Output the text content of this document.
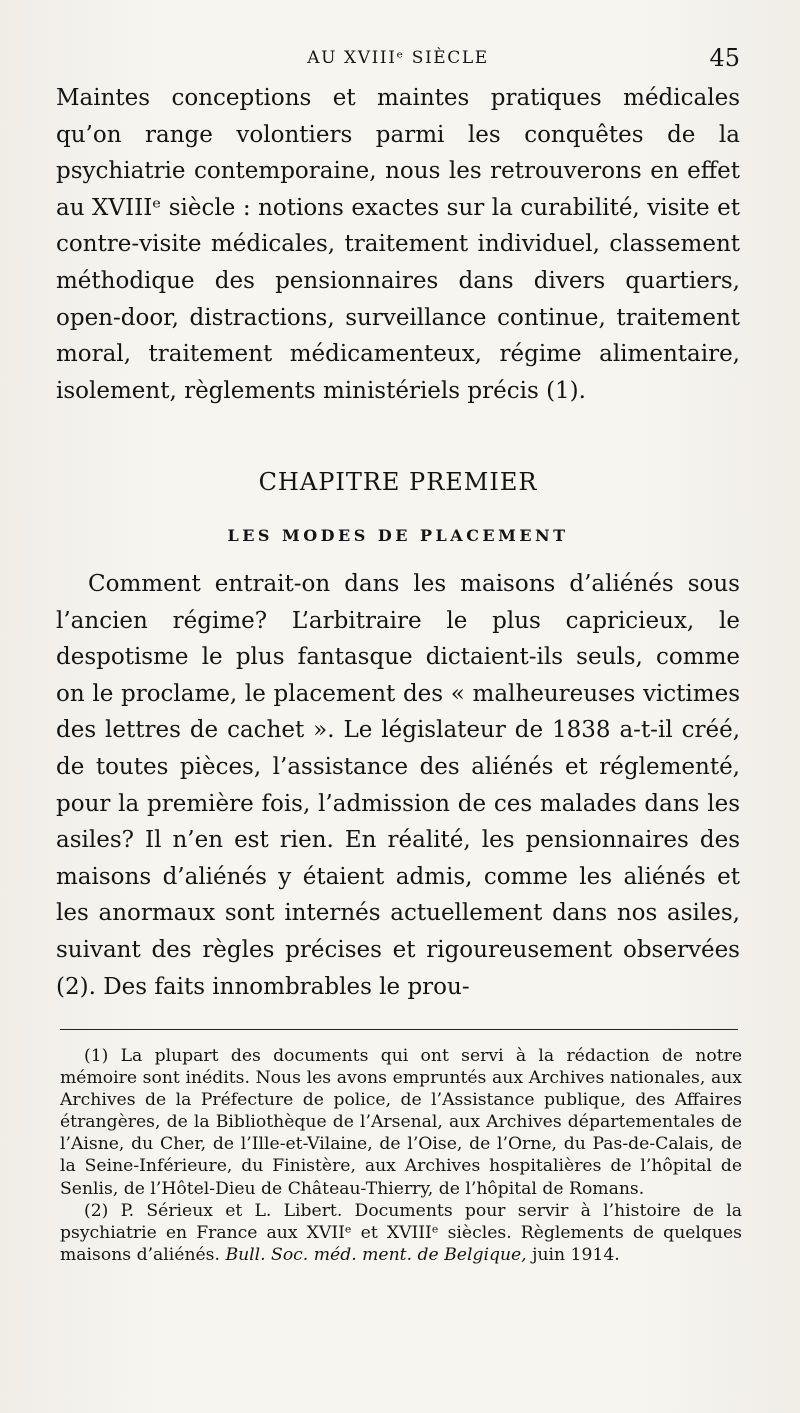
AU XVIIIᵉ SIÈCLE	45

Maintes conceptions et maintes pratiques médicales qu’on range volontiers parmi les conquêtes de la psychiatrie contemporaine, nous les retrouverons en effet au XVIIIᵉ siècle : notions exactes sur la curabilité, visite et contre-visite médicales, traitement individuel, classement méthodique des pensionnaires dans divers quartiers, open-door, distractions, surveillance continue, traitement moral, traitement médicamenteux, régime alimentaire, isolement, règlements ministériels précis (1).

CHAPITRE PREMIER
LES MODES DE PLACEMENT

Comment entrait-on dans les maisons d’aliénés sous l’ancien régime? L’arbitraire le plus capricieux, le despotisme le plus fantasque dictaient-ils seuls, comme on le proclame, le placement des « malheureuses victimes des lettres de cachet ». Le législateur de 1838 a-t-il créé, de toutes pièces, l’assistance des aliénés et réglementé, pour la première fois, l’admission de ces malades dans les asiles? Il n’en est rien. En réalité, les pensionnaires des maisons d’aliénés y étaient admis, comme les aliénés et les anormaux sont internés actuellement dans nos asiles, suivant des règles précises et rigoureusement observées (2). Des faits innombrables le prou-

(1) La plupart des documents qui ont servi à la rédaction de notre mémoire sont inédits. Nous les avons empruntés aux Archives nationales, aux Archives de la Préfecture de police, de l’Assistance publique, des Affaires étrangères, de la Bibliothèque de l’Arsenal, aux Archives départementales de l’Aisne, du Cher, de l’Ille-et-Vilaine, de l’Oise, de l’Orne, du Pas-de-Calais, de la Seine-Inférieure, du Finistère, aux Archives hospitalières de l’hôpital de Senlis, de l’Hôtel-Dieu de Château-Thierry, de l’hôpital de Romans.

(2) P. Sérieux et L. Libert. Documents pour servir à l’histoire de la psychiatrie en France aux XVIIᵉ et XVIIIᵉ siècles. Règlements de quelques maisons d’aliénés. Bull. Soc. méd. ment. de Belgique, juin 1914.
